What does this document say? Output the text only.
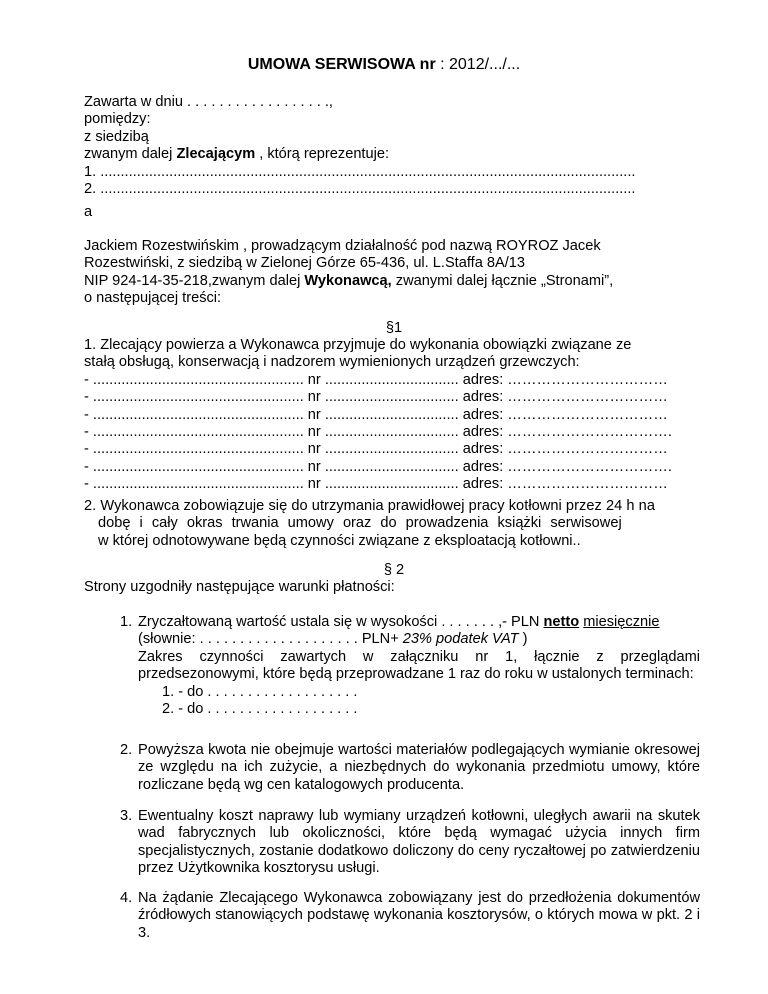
UMOWA SERWISOWA nr : 2012/.../...
Zawarta w dniu . . . . . . . . . . . . . . . . . .,
pomiędzy:
z siedzibą
zwanym dalej Zlecającym , którą reprezentuje:
1. ....................................................................................................................................
2. ....................................................................................................................................
a
Jackiem Rozestwińskim , prowadzącym działalność pod nazwą ROYROZ Jacek
Rozestwiński, z siedzibą w Zielonej Górze 65-436, ul. L.Staffa 8A/13
NIP 924-14-35-218,zwanym dalej Wykonawcą, zwanymi dalej łącznie „Stronami”,
o następującej treści:
§1
1. Zlecający powierza a Wykonawca przyjmuje do wykonania obowiązki związane ze
stałą obsługą, konserwacją i nadzorem wymienionych urządzeń grzewczych:
- .................................................... nr ................................. adres: ……………………………
- .................................................... nr ................................. adres: ……………………………
- .................................................... nr ................................. adres: ……………………………
- .................................................... nr ................................. adres: …………………………….
- .................................................... nr ................................. adres: ……………………………
- .................................................... nr ................................. adres: …………………………….
- .................................................... nr ................................. adres: ……………………………
2. Wykonawca zobowiązuje się do utrzymania prawidłowej pracy kotłowni przez 24 h na
dobę i cały okras trwania umowy oraz do prowadzenia książki serwisowej
w której odnotowywane będą czynności związane z eksploatacją kotłowni..
§ 2
Strony uzgodniły następujące warunki płatności:
1. Zryczałtowaną wartość ustala się w wysokości . . . . . . . ,- PLN netto miesięcznie
(słownie: . . . . . . . . . . . . . . . . . . . . PLN+ 23% podatek VAT )
Zakres czynności zawartych w załączniku nr 1, łącznie z przeglądami przedsezonowymi, które będą przeprowadzane 1 raz do roku w ustalonych terminach:
1. - do . . . . . . . . . . . . . . . . . . .
2. - do . . . . . . . . . . . . . . . . . . .
2. Powyższa kwota nie obejmuje wartości materiałów podlegających wymianie okresowej ze względu na ich zużycie, a niezbędnych do wykonania przedmiotu umowy, które rozliczane będą wg cen katalogowych producenta.
3. Ewentualny koszt naprawy lub wymiany urządzeń kotłowni, uległych awarii na skutek wad fabrycznych lub okoliczności, które będą wymagać użycia innych firm specjalistycznych, zostanie dodatkowo doliczony do ceny ryczałtowej po zatwierdzeniu przez Użytkownika kosztorysu usługi.
4. Na żądanie Zlecającego Wykonawca zobowiązany jest do przedłożenia dokumentów źródłowych stanowiących podstawę wykonania kosztorysów, o których mowa w pkt. 2 i 3.
